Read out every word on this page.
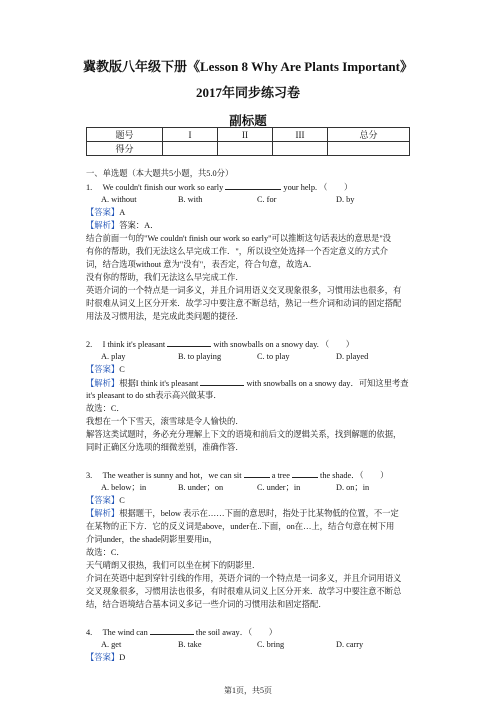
冀教版八年级下册《Lesson 8 Why Are Plants Important》
2017年同步练习卷
副标题
题号	I	II	III	总分
得分				
一、单选题（本大题共5小题，共5.0分）
1. We couldn't finish our work so early	your help. （　　）
A. without	B. with	C. for	D. by
【答案】A
【解析】答案：A．
结合前面一句的"We couldn't finish our work so early"可以推断这句话表达的意思是"没
有你的帮助，我们无法这么早完成工作．"，所以设空处选择一个否定意义的方式介
词，结合选项without 意为"没有"，表否定，符合句意，故选A．
没有你的帮助，我们无法这么早完成工作．
英语介词的一个特点是一词多义，并且介词用语义交叉现象很多，习惯用法也很多，有
时很难从词义上区分开来．故学习中要注意不断总结，熟记一些介词和动词的固定搭配
用法及习惯用法，是完成此类问题的捷径．
2. I think it's pleasant	with snowballs on a snowy day. （　　）
A. play	B. to playing	C. to play	D. played
【答案】C
【解析】根据I think it's pleasant	with snowballs on a snowy day．可知这里考查
it's pleasant to do sth表示高兴做某事．
故选：C．
我想在一个下雪天，滚雪球是令人愉快的．
解答这类试题时，务必充分理解上下文的语境和前后文的逻辑关系，找到解题的依据，
同时正确区分选项的细微差别，准确作答．
3. The weather is sunny and hot，we can sit	a tree	the shade．（　　）
A. below；in	B. under；on	C. under；in	D. on；in
【答案】C
【解析】根据题干，below 表示在……下面的意思时，指处于比某物低的位置，不一定
在某物的正下方．它的反义词是above，under在..下面，on在…上，结合句意在树下用
介词under，the shade阴影里要用in，
故选：C．
天气晴朗又很热，我们可以坐在树下的阴影里．
介词在英语中起到穿针引线的作用，英语介词的一个特点是一词多义，并且介词用语义
交叉现象很多，习惯用法也很多，有时很难从词义上区分开来．故学习中要注意不断总
结，结合语境结合基本词义多记一些介词的习惯用法和固定搭配．
4. The wind can	the soil away．（　　）
A. get	B. take	C. bring	D. carry
【答案】D
第1页，共5页
